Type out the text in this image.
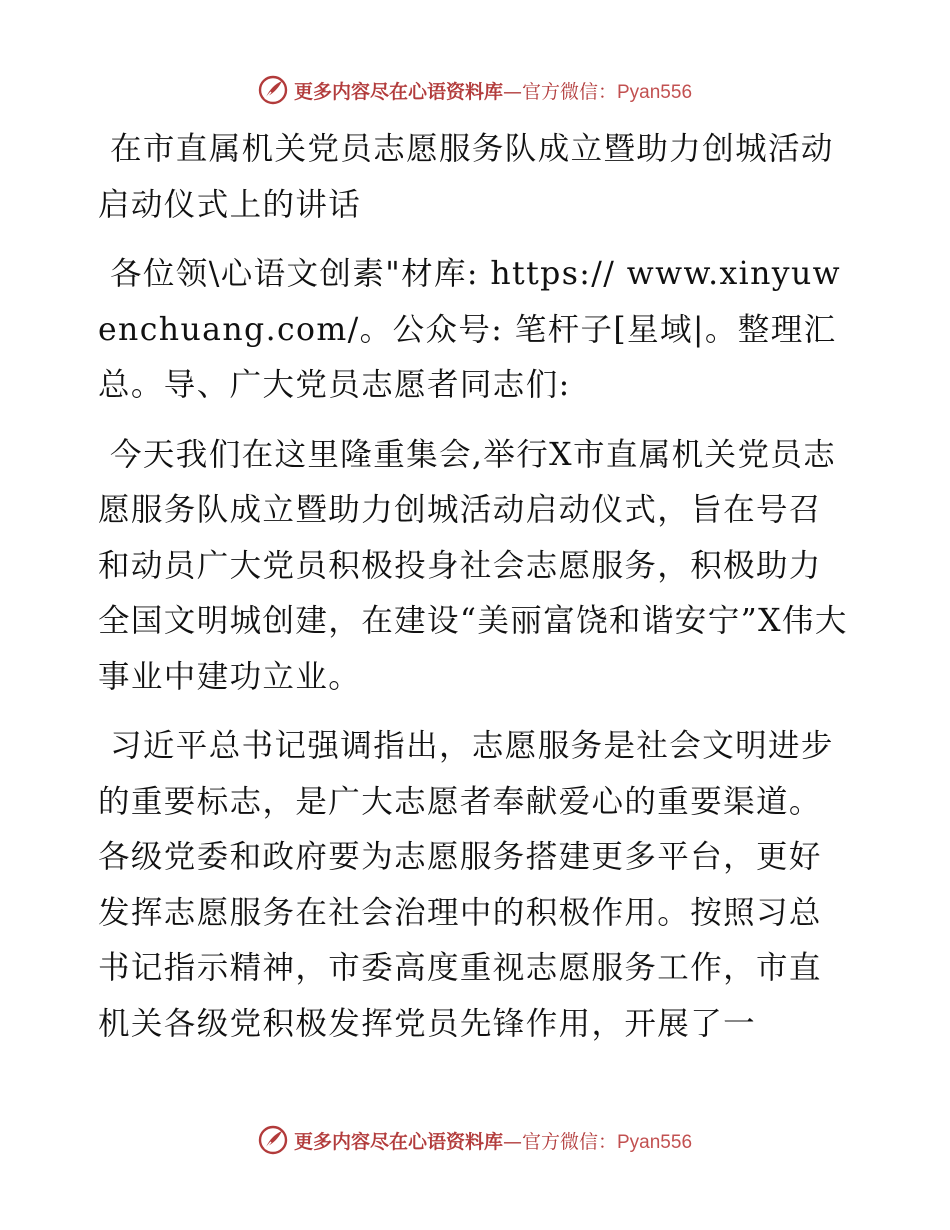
更多内容尽在心语资料库—官方微信：Pyan556

在市直属机关党员志愿服务队成立暨助力创城活动启动仪式上的讲话

各位领\心语文创素"材库: https:// www.xinyuwenchuang.com/。公众号: 笔杆子[星域|。整理汇总。导、广大党员志愿者同志们:

今天我们在这里隆重集会,举行X市直属机关党员志愿服务队成立暨助力创城活动启动仪式，旨在号召和动员广大党员积极投身社会志愿服务，积极助力全国文明城创建，在建设“美丽富饶和谐安宁”X伟大事业中建功立业。

习近平总书记强调指出，志愿服务是社会文明进步的重要标志，是广大志愿者奉献爱心的重要渠道。各级党委和政府要为志愿服务搭建更多平台，更好发挥志愿服务在社会治理中的积极作用。按照习总书记指示精神，市委高度重视志愿服务工作，市直机关各级党积极发挥党员先锋作用，开展了一

更多内容尽在心语资料库—官方微信：Pyan556
